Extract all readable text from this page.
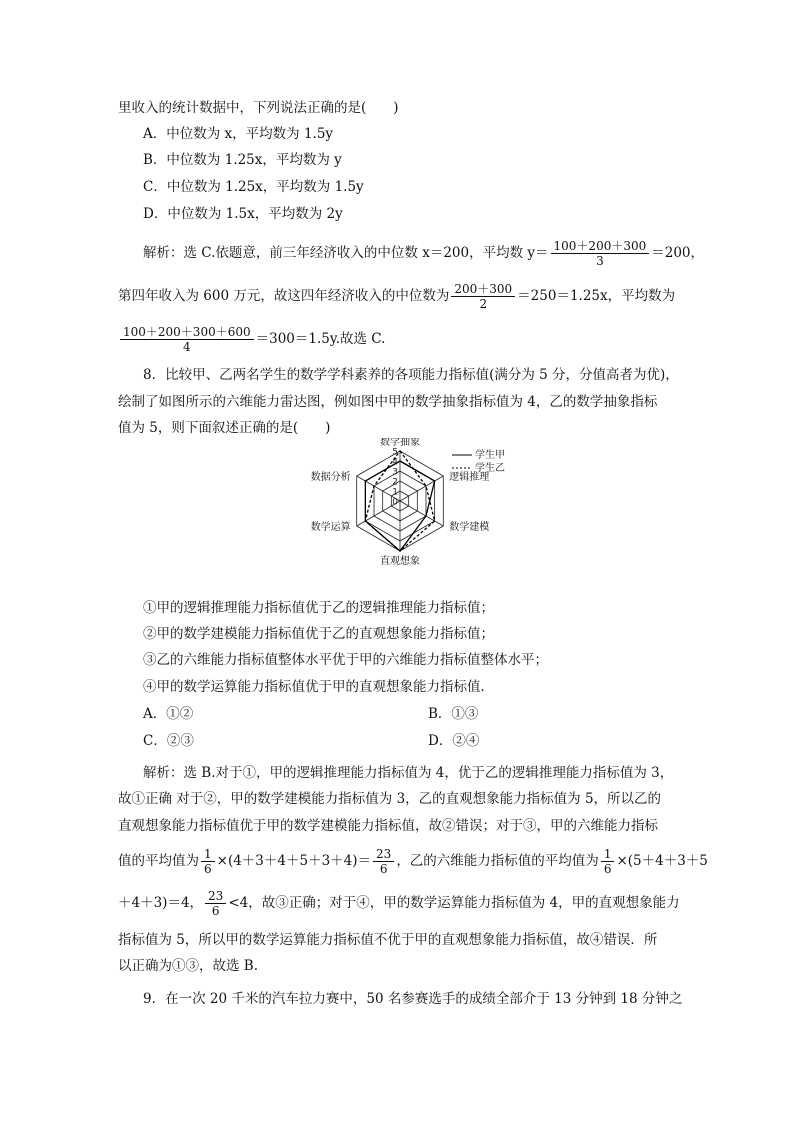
里收入的统计数据中，下列说法正确的是(　　)
A．中位数为 x，平均数为 1.5y
B．中位数为 1.25x，平均数为 y
C．中位数为 1.25x，平均数为 1.5y
D．中位数为 1.5x，平均数为 2y
解析：选 C.依题意，前三年经济收入的中位数 x＝200，平均数 $y= \frac{100+200+300}{3} =200$，
第四年收入为 600 万元，故这四年经济收入的中位数为 $\frac{200+300}{2} =250=1.25x$，平均数为
$\frac{100+200+300+600}{4} =300=1.5y$.故选 C.
8．比较甲、乙两名学生的数学学科素养的各项能力指标值(满分为 5 分，分值高者为优)，
绘制了如图所示的六维能力雷达图，例如图中甲的数学抽象指标值为 4，乙的数学抽象指标
值为 5，则下面叙述正确的是(　　)
0
1
2
3
4
5
数学抽象
逻辑推理
数学建模
直观想象
数学运算
数据分析
学生甲
学生乙
①甲的逻辑推理能力指标值优于乙的逻辑推理能力指标值；
②甲的数学建模能力指标值优于乙的直观想象能力指标值；
③乙的六维能力指标值整体水平优于甲的六维能力指标值整体水平；
④甲的数学运算能力指标值优于甲的直观想象能力指标值．
A．①②	B．①③
C．②③	D．②④
解析：选 B.对于①，甲的逻辑推理能力指标值为 4，优于乙的逻辑推理能力指标值为 3，
故①正确 对于②，甲的数学建模能力指标值为 3，乙的直观想象能力指标值为 5，所以乙的
直观想象能力指标值优于甲的数学建模能力指标值，故②错误；对于③，甲的六维能力指标
值的平均值为 $\frac{1}{6} \times(4+3+4+5+3+4)= \frac{23}{6}$ ，乙的六维能力指标值的平均值为 $\frac{1}{6} \times(5+4+3+5$
＋4＋3)＝4， $\frac{23}{6} <4$，故③正确；对于④，甲的数学运算能力指标值为 4，甲的直观想象能力
指标值为 5，所以甲的数学运算能力指标值不优于甲的直观想象能力指标值，故④错误．所
以正确为①③，故选 B.
9．在一次 20 千米的汽车拉力赛中，50 名参赛选手的成绩全部介于 13 分钟到 18 分钟之
